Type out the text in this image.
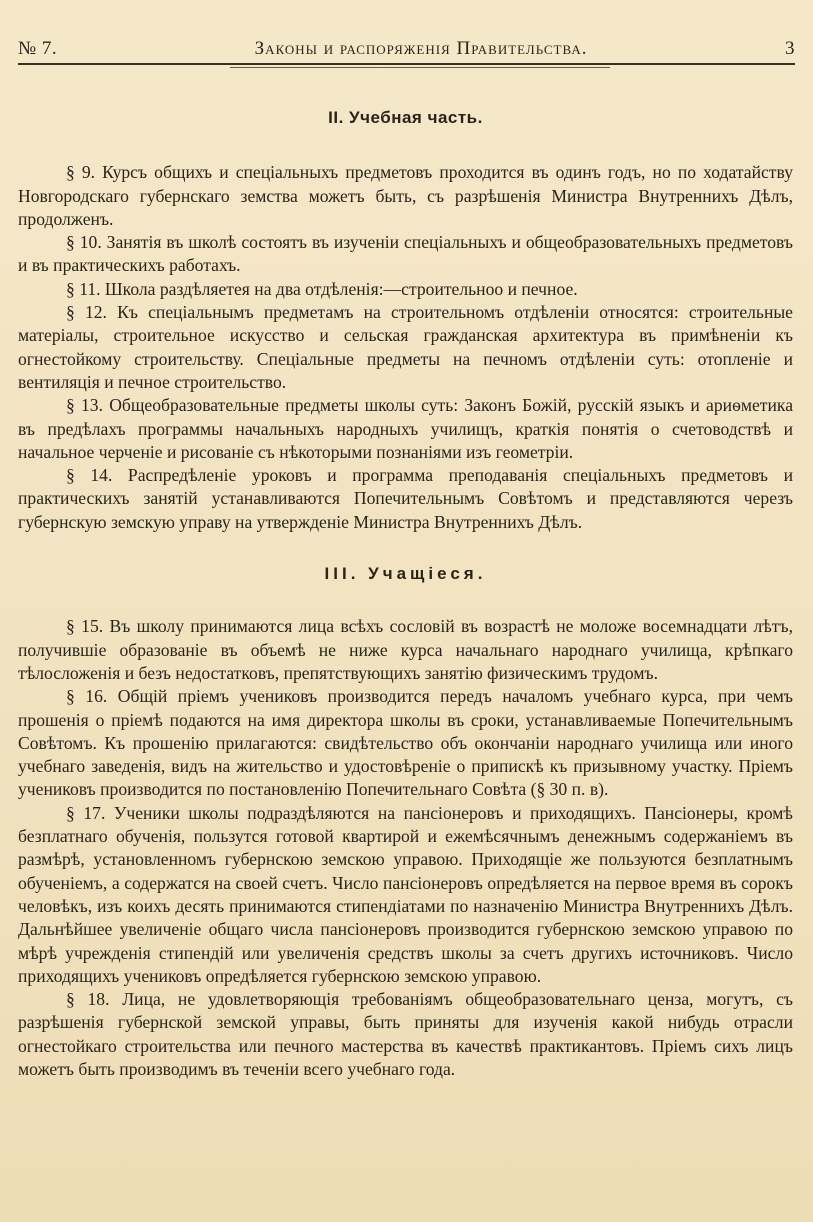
№ 7.	Законы и распоряженія Правительства.	3
II. Учебная часть.

§ 9. Курсъ общихъ и спеціальныхъ предметовъ проходится въ одинъ годъ, но по ходатайству Новгородскаго губернскаго земства можетъ быть, съ разрѣшенія Министра Внутреннихъ Дѣлъ, продолженъ.

§ 10. Занятія въ школѣ состоятъ въ изученіи спеціальныхъ и общеобразовательныхъ предметовъ и въ практическихъ работахъ.

§ 11. Школа раздѣляетея на два отдѣленія:—строительноо и печное.

§ 12. Къ спеціальнымъ предметамъ на строительномъ отдѣленіи относятся: строительные матеріалы, строительное искусство и сельская гражданская архитектура въ примѣненіи къ огнестойкому строительству. Спеціальные предметы на печномъ отдѣленіи суть: отопленіе и вентиляція и печное строительство.

§ 13. Общеобразовательные предметы школы суть: Законъ Божій, русскій языкъ и ариѳметика въ предѣлахъ программы начальныхъ народныхъ училищъ, краткія понятія о счетоводствѣ и начальное черченіе и рисованіе съ нѣкоторыми познаніями изъ геометріи.

§ 14. Распредѣленіе уроковъ и программа преподаванія спеціальныхъ предметовъ и практическихъ занятій устанавливаются Попечительнымъ Совѣтомъ и представляются черезъ губернскую земскую управу на утвержденіе Министра Внутреннихъ Дѣлъ.

III. Учащіеся.

§ 15. Въ школу принимаются лица всѣхъ сословій въ возрастѣ не моложе восемнадцати лѣтъ, получившіе образованіе въ объемѣ не ниже курса начальнаго народнаго училища, крѣпкаго тѣлосложенія и безъ недостатковъ, препятствующихъ занятію физическимъ трудомъ.

§ 16. Общій пріемъ учениковъ производится передъ началомъ учебнаго курса, при чемъ прошенія о пріемѣ подаются на имя директора школы въ сроки, устанавливаемые Попечительнымъ Совѣтомъ. Къ прошенію прилагаются: свидѣтельство объ окончаніи народнаго училища или иного учебнаго заведенія, видъ на жительство и удостовѣреніе о припискѣ къ призывному участку. Пріемъ учениковъ производится по постановленію Попечительнаго Совѣта (§ 30 п. в).

§ 17. Ученики школы подраздѣляются на пансіонеровъ и приходящихъ. Пансіонеры, кромѣ безплатнаго обученія, пользутся готовой квартирой и ежемѣсячнымъ денежнымъ содержаніемъ въ размѣрѣ, установленномъ губернскою земскою управою. Приходящіе же пользуются безплатнымъ обученіемъ, а содержатся на своей счетъ. Число пансіонеровъ опредѣляется на первое время въ сорокъ человѣкъ, изъ коихъ десять принимаются стипендіатами по назначенію Министра Внутреннихъ Дѣлъ. Дальнѣйшее увеличеніе общаго числа пансіонеровъ производится губернскою земскою управою по мѣрѣ учрежденія стипендій или увеличенія средствъ школы за счетъ другихъ источниковъ. Число приходящихъ учениковъ опредѣляется губернскою земскою управою.

§ 18. Лица, не удовлетворяющія требованіямъ общеобразовательнаго ценза, могутъ, съ разрѣшенія губернской земской управы, быть приняты для изученія какой нибудь отрасли огнестойкаго строительства или печного мастерства въ качествѣ практикантовъ. Пріемъ сихъ лицъ можетъ быть производимъ въ теченіи всего учебнаго года.
